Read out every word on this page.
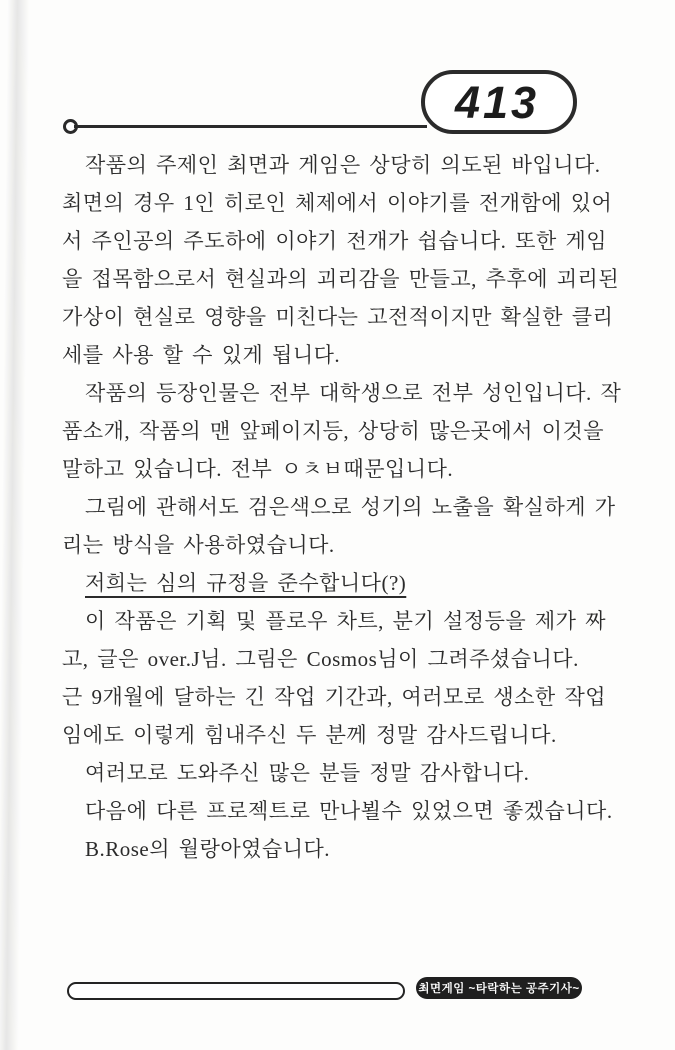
413
작품의 주제인 최면과 게임은 상당히 의도된 바입니다.
최면의 경우 1인 히로인 체제에서 이야기를 전개함에 있어
서 주인공의 주도하에 이야기 전개가 쉽습니다. 또한 게임
을 접목함으로서 현실과의 괴리감을 만들고, 추후에 괴리된
가상이 현실로 영향을 미친다는 고전적이지만 확실한 클리
세를 사용 할 수 있게 됩니다.
작품의 등장인물은 전부 대학생으로 전부 성인입니다. 작
품소개, 작품의 맨 앞페이지등, 상당히 많은곳에서 이것을
말하고 있습니다. 전부 ㅇㅊㅂ때문입니다.
그림에 관해서도 검은색으로 성기의 노출을 확실하게 가
리는 방식을 사용하였습니다.
저희는 심의 규정을 준수합니다(?)
이 작품은 기획 및 플로우 차트, 분기 설정등을 제가 짜
고, 글은 over.J님. 그림은 Cosmos님이 그려주셨습니다.
근 9개월에 달하는 긴 작업 기간과, 여러모로 생소한 작업
임에도 이렇게 힘내주신 두 분께 정말 감사드립니다.
여러모로 도와주신 많은 분들 정말 감사합니다.
다음에 다른 프로젝트로 만나뵐수 있었으면 좋겠습니다.
B.Rose의 월랑아였습니다.
최면게임 ~타락하는 공주기사~
